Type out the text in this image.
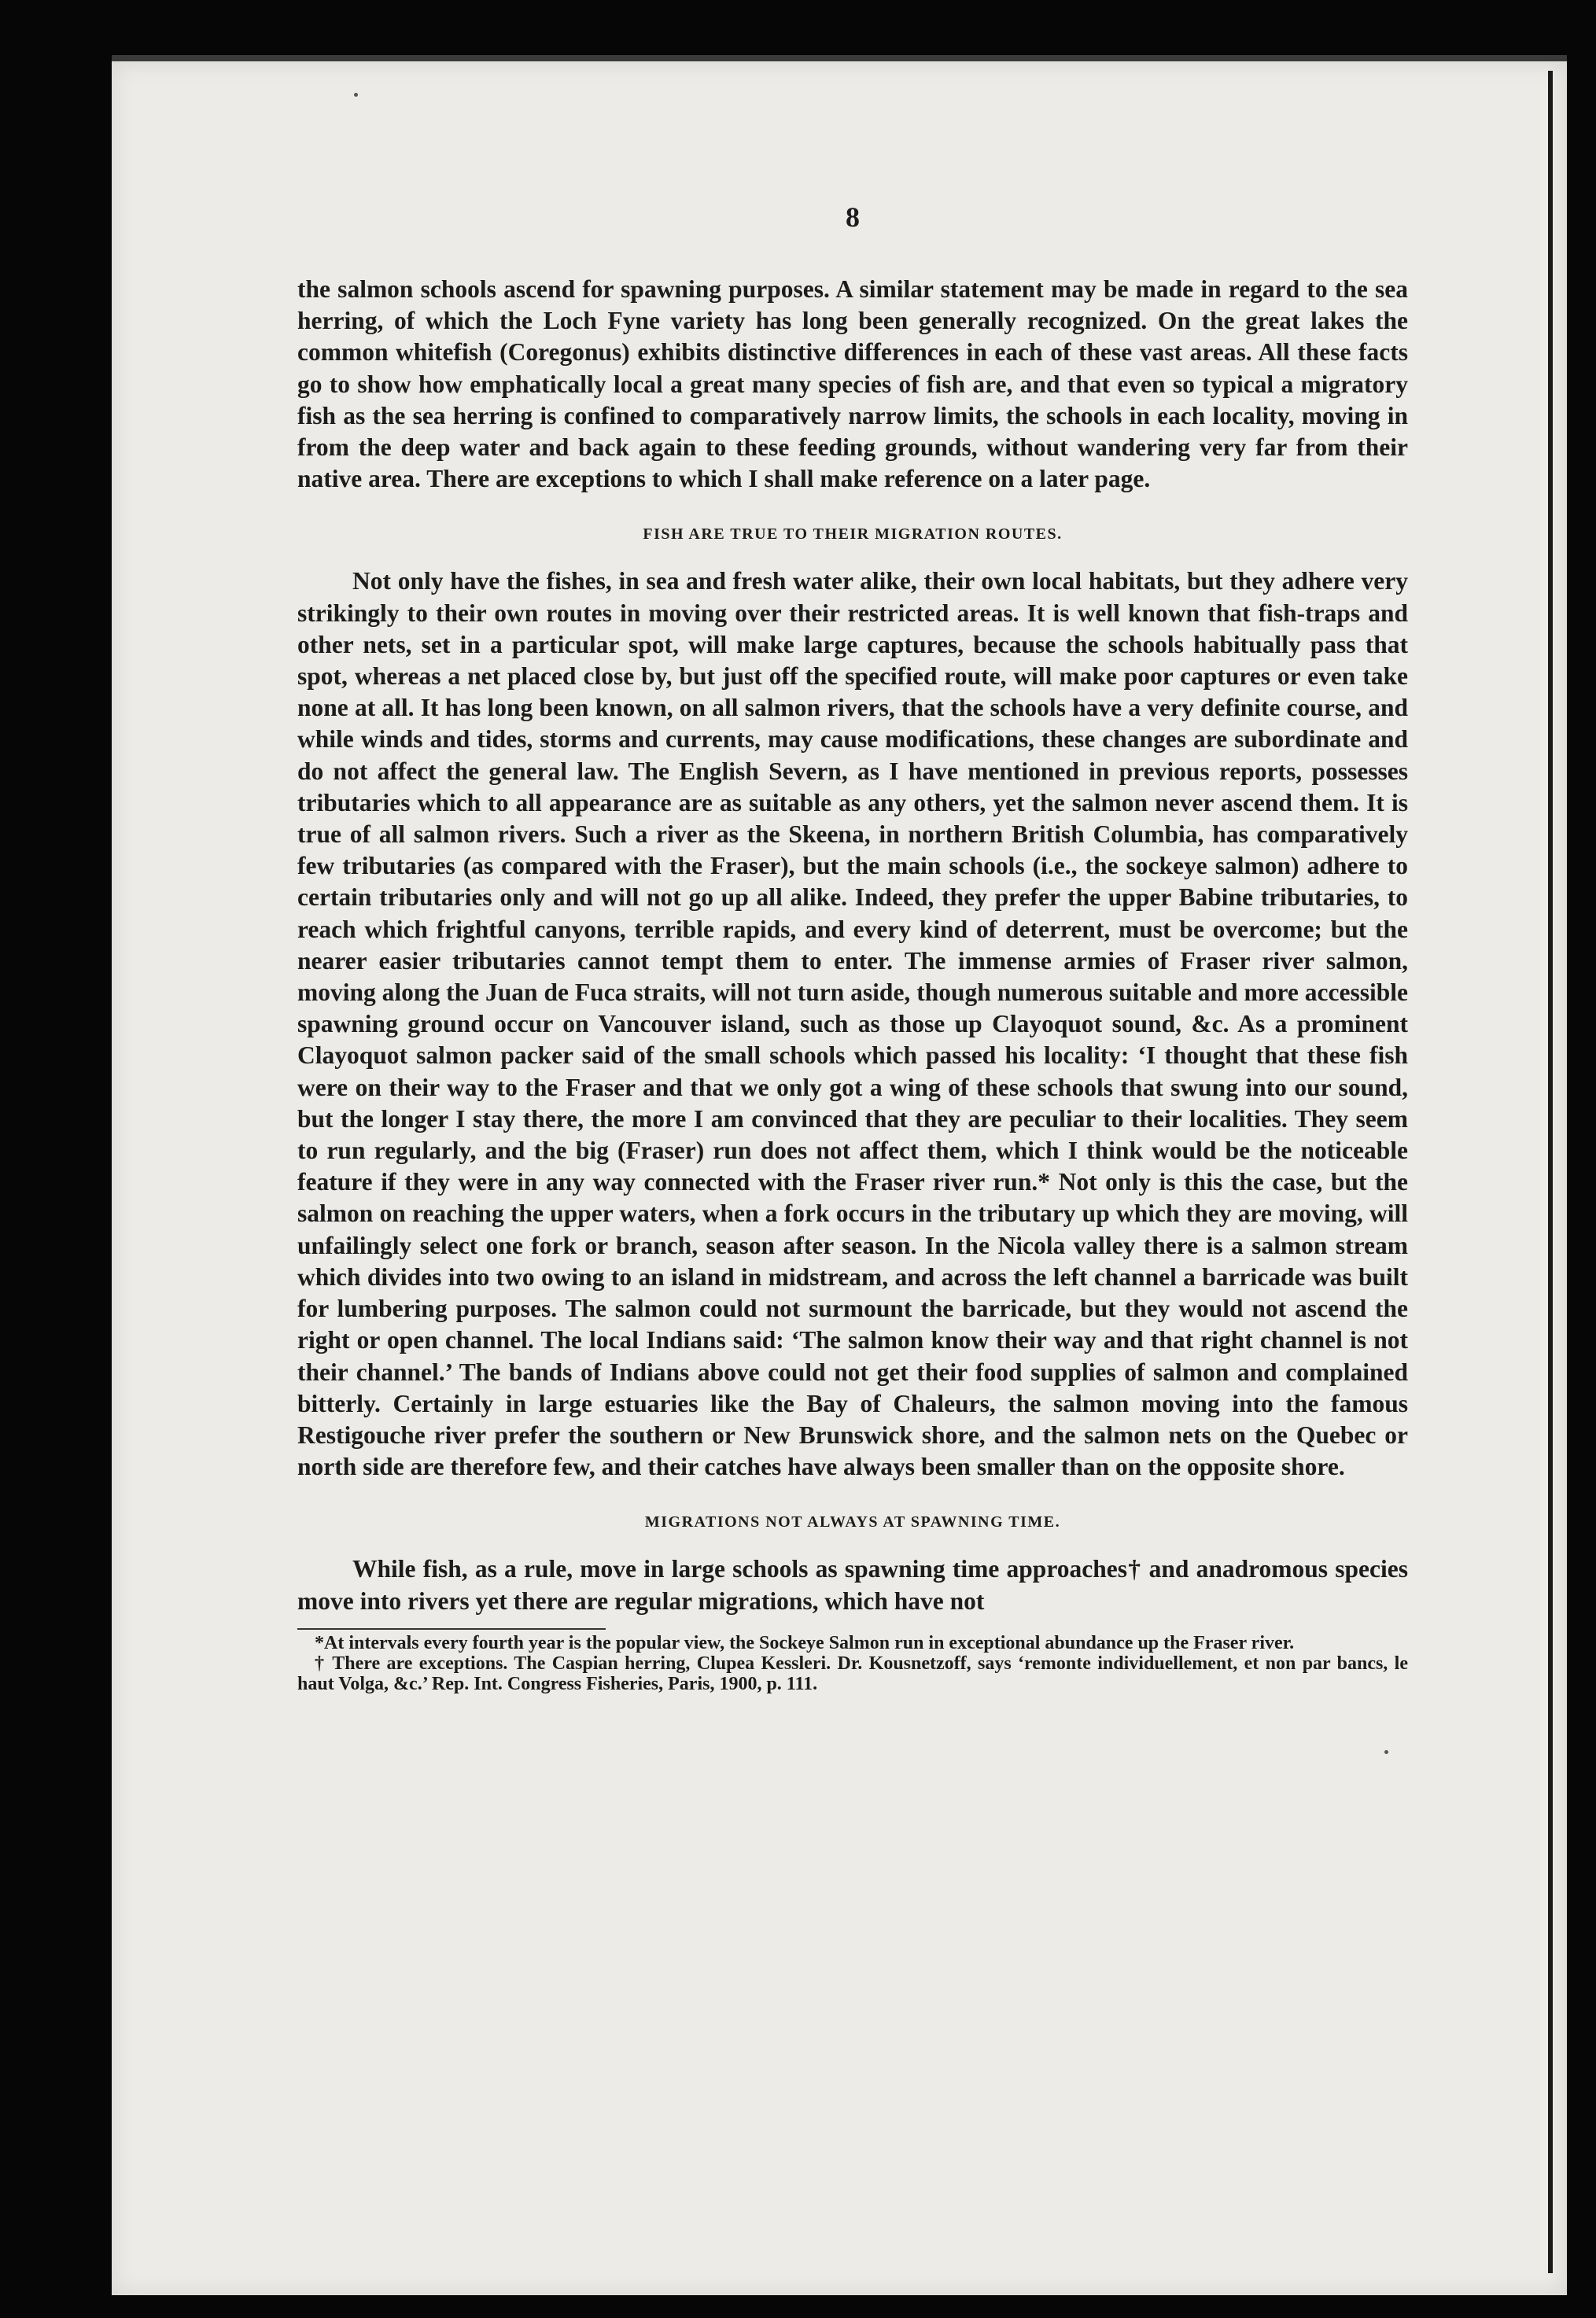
8

the salmon schools ascend for spawning purposes. A similar statement may be made in regard to the sea herring, of which the Loch Fyne variety has long been generally recognized. On the great lakes the common whitefish (Coregonus) exhibits distinctive differences in each of these vast areas. All these facts go to show how emphatically local a great many species of fish are, and that even so typical a migratory fish as the sea herring is confined to comparatively narrow limits, the schools in each locality, moving in from the deep water and back again to these feeding grounds, without wandering very far from their native area. There are exceptions to which I shall make reference on a later page.

FISH ARE TRUE TO THEIR MIGRATION ROUTES.

Not only have the fishes, in sea and fresh water alike, their own local habitats, but they adhere very strikingly to their own routes in moving over their restricted areas. It is well known that fish-traps and other nets, set in a particular spot, will make large captures, because the schools habitually pass that spot, whereas a net placed close by, but just off the specified route, will make poor captures or even take none at all. It has long been known, on all salmon rivers, that the schools have a very definite course, and while winds and tides, storms and currents, may cause modifications, these changes are subordinate and do not affect the general law. The English Severn, as I have mentioned in previous reports, possesses tributaries which to all appearance are as suitable as any others, yet the salmon never ascend them. It is true of all salmon rivers. Such a river as the Skeena, in northern British Columbia, has comparatively few tributaries (as compared with the Fraser), but the main schools (i.e., the sockeye salmon) adhere to certain tributaries only and will not go up all alike. Indeed, they prefer the upper Babine tributaries, to reach which frightful canyons, terrible rapids, and every kind of deterrent, must be overcome; but the nearer easier tributaries cannot tempt them to enter. The immense armies of Fraser river salmon, moving along the Juan de Fuca straits, will not turn aside, though numerous suitable and more accessible spawning ground occur on Vancouver island, such as those up Clayoquot sound, &c. As a prominent Clayoquot salmon packer said of the small schools which passed his locality: ‘I thought that these fish were on their way to the Fraser and that we only got a wing of these schools that swung into our sound, but the longer I stay there, the more I am convinced that they are peculiar to their localities. They seem to run regularly, and the big (Fraser) run does not affect them, which I think would be the noticeable feature if they were in any way connected with the Fraser river run.* Not only is this the case, but the salmon on reaching the upper waters, when a fork occurs in the tributary up which they are moving, will unfailingly select one fork or branch, season after season. In the Nicola valley there is a salmon stream which divides into two owing to an island in midstream, and across the left channel a barricade was built for lumbering purposes. The salmon could not surmount the barricade, but they would not ascend the right or open channel. The local Indians said: ‘The salmon know their way and that right channel is not their channel.’ The bands of Indians above could not get their food supplies of salmon and complained bitterly. Certainly in large estuaries like the Bay of Chaleurs, the salmon moving into the famous Restigouche river prefer the southern or New Brunswick shore, and the salmon nets on the Quebec or north side are therefore few, and their catches have always been smaller than on the opposite shore.

MIGRATIONS NOT ALWAYS AT SPAWNING TIME.

While fish, as a rule, move in large schools as spawning time approaches† and anadromous species move into rivers yet there are regular migrations, which have not

*At intervals every fourth year is the popular view, the Sockeye Salmon run in exceptional abundance up the Fraser river.

† There are exceptions. The Caspian herring, Clupea Kessleri. Dr. Kousnetzoff, says ‘remonte individuellement, et non par bancs, le haut Volga, &c.’ Rep. Int. Congress Fisheries, Paris, 1900, p. 111.
